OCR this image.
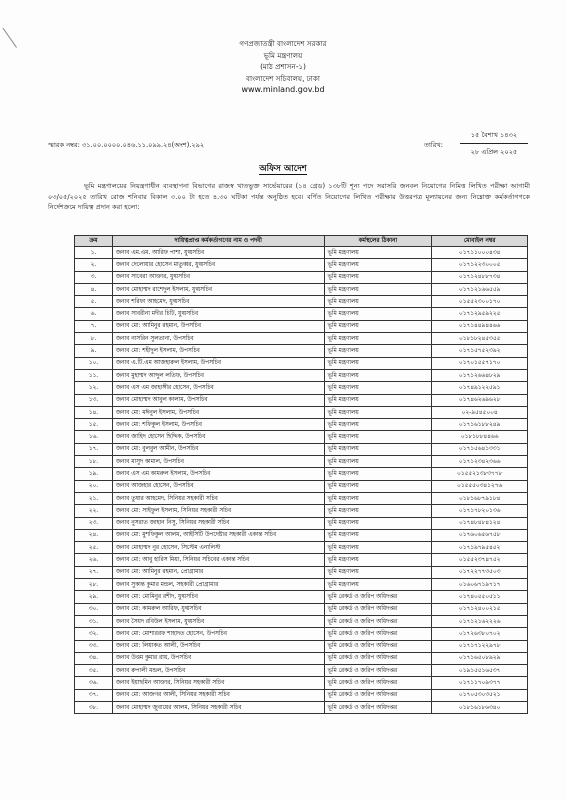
গণপ্রজাতন্ত্রী বাংলাদেশ সরকার
ভূমি মন্ত্রণালয়
(মাঠ প্রশাসন-১)
বাংলাদেশ সচিবালয়, ঢাকা
www.minland.gov.bd
স্মারক নম্বর: ৩১.০০.০০০০.০৪৬.১১.০৯৯.২৪(অংশ).২৯২	তারিখ:
১৫ বৈশাখ ১৪৩২
২৮ এপ্রিল ২০২৫
অফিস আদেশ
ভূমি মন্ত্রণালয়ের নিয়ন্ত্রণাধীন ব্যবস্থাপনা বিভাগের রাজস্ব খাতভুক্ত সার্ভেয়ারের (১৪ গ্রেড) ১৩৮টি শূন্য পদে সরাসরি জনবল নিয়োগের নিমিত্ত লিখিত পরীক্ষা আগামী ০৩/০৫/২০২৫ তারিখ রোজ শনিবার বিকাল ৩.০০ টা হতে ৪.৩০ ঘটিকা পর্যন্ত অনুষ্ঠিত হবে। বর্ণিত নিয়োগের লিখিত পরীক্ষার উত্তরপত্র মূল্যায়নের জন্য নিম্নোক্ত কর্মকর্তাগণকে নির্দেশক্রমে দায়িত্ব প্রদান করা হলো:
ক্রম	দায়িত্বপ্রাপ্ত কর্মকর্তাগণের নাম ও পদবী	কর্মস্থলের ঠিকানা	মোবাইল নম্বর
১.	জনাব এম.এম. আরিফ পাশা, যুগ্মসচিব	ভূমি মন্ত্রণালয়	০১৭১১০০০৪৩৪
২.	জনাব দেলোয়ার হোসেন মাতুব্বর, যুগ্মসচিব	ভূমি মন্ত্রণালয়	০১৭১২২৩০০০৫
৩.	জনাব সাবেরা আক্তার, যুগ্মসচিব	ভূমি মন্ত্রণালয়	০১৭১২৪৮৮৭৩৪
৪.	জনাব মোহাম্মদ রাশেদুল ইসলাম, যুগ্মসচিব	ভূমি মন্ত্রণালয়	০১৭১২১৬৬৫৫৯
৫.	জনাব শরিফা আহমেদ, যুগ্মসচিব	ভূমি মন্ত্রণালয়	০১৫৫২৩০০১৭০
৬.	জনাব সাবরীনা মদীর চিটি, যুগ্মসচিব	ভূমি মন্ত্রণালয়	০১৭১২৯৫৯২২৫
৭.	জনাব মো: আমিনুর রহমান, উপসচিব	ভূমি মন্ত্রণালয়	০১৭১৪৪৯৪৪৬৬
৮.	জনাব নাসরিন সুলতানা, উপসচিব	ভূমি মন্ত্রণালয়	০১৮১৮২৪৫৩৫৫
৯.	জনাব মো: শহীদুল ইসলাম, উপসচিব	ভূমি মন্ত্রণালয়	০১৭১৫৭৫২৩৯২
১০.	জনাব এ.টি.এম আজহারুল ইসলাম, উপসচিব	ভূমি মন্ত্রণালয়	০১৭০১৫৫৭১৭০
১১.	জনাব মুহাম্মদ আব্দুল লতিফ, উপসচিব	ভূমি মন্ত্রণালয়	০১৭১২৬৬৪৮২৯
১২.	জনাব এস এম জাহাঙ্গীর হোসেন, উপসচিব	ভূমি মন্ত্রণালয়	০১৭৪৯১২২৫৯১
১৩.	জনাব মোহাম্মদ আবুল কালাম, উপসচিব	ভূমি মন্ত্রণালয়	০১৭৪৬২৬৯৬২৮
১৪.	জনাব মো: মঈনুল ইসলাম, উপসচিব	ভূমি মন্ত্রণালয়	০২-৯৫৪৫০০৪
১৫.	জনাব মো: শফিকুল ইসলাম, উপসচিব	ভূমি মন্ত্রণালয়	০১৭১৬১৮৮২৪৯
১৬.	জনাব জাহিদ হোসেন ছিদ্দিক, উপসচিব	ভূমি মন্ত্রণালয়	০১৮১৮৮৪৪৬৬
১৭.	জনাব মো: বুলবুল আমীন, উপসচিব	ভূমি মন্ত্রণালয়	০১৭১৫৬৪১৩৩১
১৮.	জনাব মাসুদ কামাল, উপসচিব	ভূমি মন্ত্রণালয়	০১৭১২৩৪২৩৬৬
১৯.	জনাব এস এম কামরুল ইসলাম, উপসচিব	ভূমি মন্ত্রণালয়	০১৫৫২১৩৮৩৭৭৮
২০.	জনাব আজহার হোসেন, উপসচিব	ভূমি মন্ত্রণালয়	০১৫৫৫০৩৪১২৭৬
২১.	জনাব তুষার আহমেদ, সিনিয়র সহকারী সচিব	ভূমি মন্ত্রণালয়	০১৮১৬৮৭৯১৮৪
২২.	জনাব মো: সাইফুল ইসলাম, সিনিয়র সহকারী সচিব	ভূমি মন্ত্রণালয়	০১৭১৭৮২০১৩৬
২৩.	জনাব নুসরাত জাহান নিসু, সিনিয়র সহকারী সচিব	ভূমি মন্ত্রণালয়	০১৭৪৮৪৮৪১২৪
২৪.	জনাব মো: মুশফিকুল আলম, আইসিটি উপদেষ্টার সহকারী একান্ত সচিব	ভূমি মন্ত্রণালয়	০১৭৬০৬৫৬৭৫৮
২৫.	জনাব মোহাম্মদ নুর হোসেন, সিস্টেম এনালিস্ট	ভূমি মন্ত্রণালয়	০১৭১৯৭৯৫৪৫২
২৬.	জনাব মো: আবু হারিস মিয়া, সিনিয়র সচিবের একান্ত সচিব	ভূমি মন্ত্রণালয়	০১৫৫২৩৭৪৭৫২
২৭.	জনাব মো: আমিনুর রহমান, প্রোগ্রামার	ভূমি মন্ত্রণালয়	০১৭২২৭৭৩৫০৩
২৮.	জনাব সুকান্ত কুমার মন্ডল, সহকারী প্রোগ্রামার	ভূমি মন্ত্রণালয়	০১৬০৬৭১৯৭১৭
২৯.	জনাব মো: মোমিনুর রশীদ, যুগ্মসচিব	ভূমি রেকর্ড ও জরিপ অধিদপ্তর	০১৭৪০৫৫০৫১১
৩০.	জনাব মো: কামরুল আরিফ, যুগ্মসচিব	ভূমি রেকর্ড ও জরিপ অধিদপ্তর	০১৭১২৪০০২১৫
৩১.	জনাব সৈয়দ রবিউল ইসলাম, যুগ্মসচিব	ভূমি রেকর্ড ও জরিপ অধিদপ্তর	০১৭১২১৬২২২৬
৩২.	জনাব মো: মোশাররফ শাহাদত হোসেন, উপসচিব	ভূমি রেকর্ড ও জরিপ অধিদপ্তর	০১৭২৬৩৮০৭০২
৩৩.	জনাব মো: লিয়াকত আলী, উপসচিব	ভূমি রেকর্ড ও জরিপ অধিদপ্তর	০১৭১৭১২২৯৭৮
৩৪.	জনাব উত্তম কুমার রায়, উপসচিব	ভূমি রেকর্ড ও জরিপ অধিদপ্তর	০১৭১৬৫০৮৯২৯
৩৫.	জনাব রুপালী মন্ডল, উপসচিব	ভূমি রেকর্ড ও জরিপ অধিদপ্তর	০১৯১৫৫১৬৫৩৭
৩৬.	জনাব ইয়াছমিন আক্তার, সিনিয়র সহকারী সচিব	ভূমি রেকর্ড ও জরিপ অধিদপ্তর	০১৭১১৭০৯৩৭৭
৩৭.	জনাব মো: আজগর আলী, সিনিয়র সহকারী সচিব	ভূমি রেকর্ড ও জরিপ অধিদপ্তর	০১৭০৫৩০৩৫২১
৩৮.	জনাব মোহাম্মদ জুবায়ের আলম, সিনিয়র সহকারী সচিব	ভূমি রেকর্ড ও জরিপ অধিদপ্তর	০১৮১৬১৮৬৩৪০
